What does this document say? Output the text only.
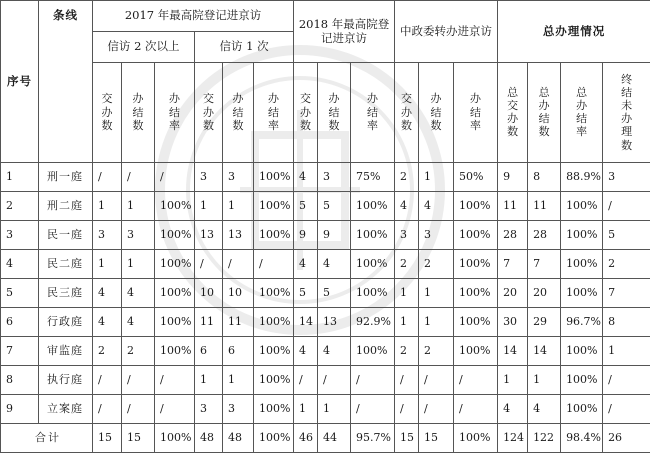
序号	条线	2017 年最高院登记进京访						2018 年最高院登记进京访			中政委转办进京访			总办理情况			
		信访 2 次以上			信访 1 次												
		交办数	办结数	办结率	交办数	办结数	办结率	交办数	办结数	办结率	交办数	办结数	办结率	总交办数	总办结数	总办结率	终结未办理数
1	刑一庭	/	/	/	3	3	100%	4	3	75%	2	1	50%	9	8	88.9%	3
2	刑二庭	1	1	100%	1	1	100%	5	5	100%	4	4	100%	11	11	100%	/
3	民一庭	3	3	100%	13	13	100%	9	9	100%	3	3	100%	28	28	100%	5
4	民二庭	1	1	100%	/	/	/	4	4	100%	2	2	100%	7	7	100%	2
5	民三庭	4	4	100%	10	10	100%	5	5	100%	1	1	100%	20	20	100%	7
6	行政庭	4	4	100%	11	11	100%	14	13	92.9%	1	1	100%	30	29	96.7%	8
7	审监庭	2	2	100%	6	6	100%	4	4	100%	2	2	100%	14	14	100%	1
8	执行庭	/	/	/	1	1	100%	/	/	/	/	/	/	1	1	100%	/
9	立案庭	/	/	/	3	3	100%	1	1	/	/	/	/	4	4	100%	/
合计		15	15	100%	48	48	100%	46	44	95.7%	15	15	100%	124	122	98.4%	26
